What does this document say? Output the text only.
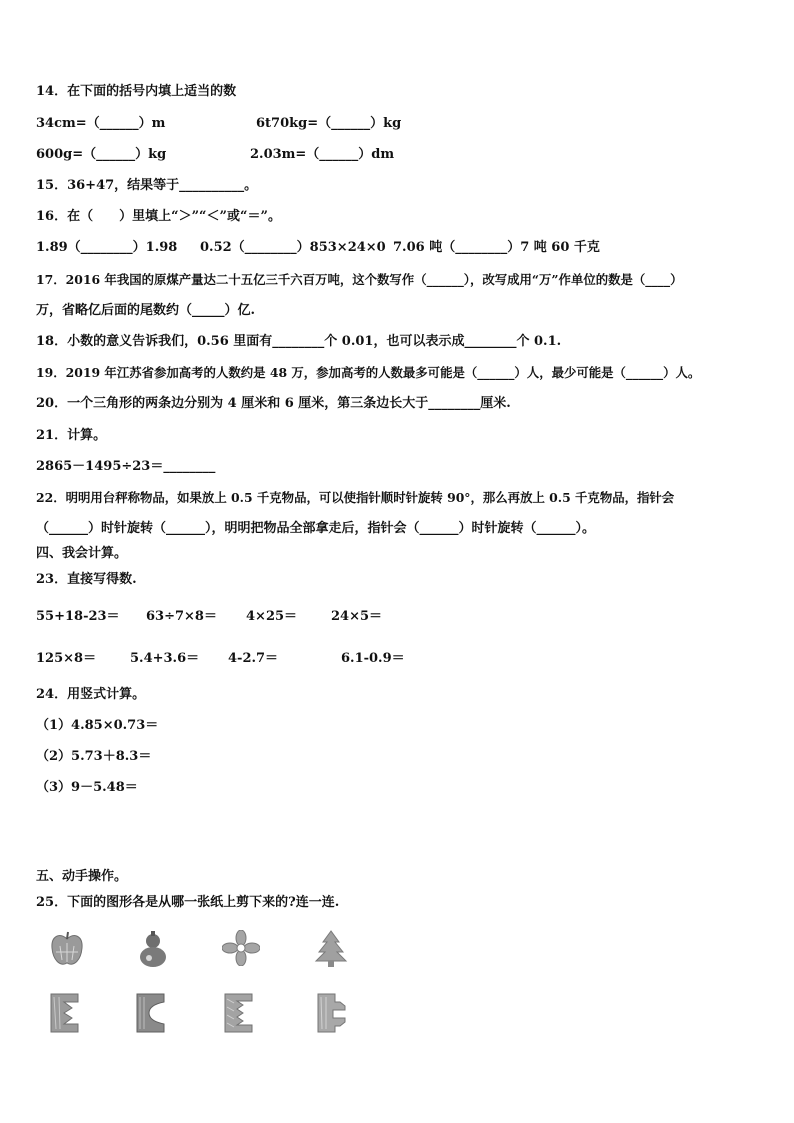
14．在下面的括号内填上适当的数
34cm=（______）m	6t70kg=（______）kg
600g=（______）kg	2.03m=（______）dm
15．36+47，结果等于__________。
16．在（　　）里填上“＞”“＜”或“＝”。
1.89（________）1.98 0.52（________）853×24×0 7.06 吨（________）7 吨 60 千克
17．2016 年我国的原煤产量达二十五亿三千六百万吨，这个数写作（______），改写成用“万”作单位的数是（____）
万，省略亿后面的尾数约（_____）亿.
18．小数的意义告诉我们，0.56 里面有________个 0.01，也可以表示成________个 0.1.
19．2019 年江苏省参加高考的人数约是 48 万，参加高考的人数最多可能是（______）人，最少可能是（______）人。
20．一个三角形的两条边分别为 4 厘米和 6 厘米，第三条边长大于________厘米.
21．计算。
2865－1495÷23＝________
22．明明用台秤称物品，如果放上 0.5 千克物品，可以使指针顺时针旋转 90°，那么再放上 0.5 千克物品，指针会
（______）时针旋转（______），明明把物品全部拿走后，指针会（______）时针旋转（______）。
四、我会计算。
23．直接写得数.
55+18-23＝ 63÷7×8＝ 4×25＝	24×5＝
125×8＝	5.4+3.6＝ 4-2.7＝	6.1-0.9＝
24．用竖式计算。
（1）4.85×0.73＝
（2）5.73＋8.3＝
（3）9－5.48＝
五、动手操作。
25．下面的图形各是从哪一张纸上剪下来的?连一连.
